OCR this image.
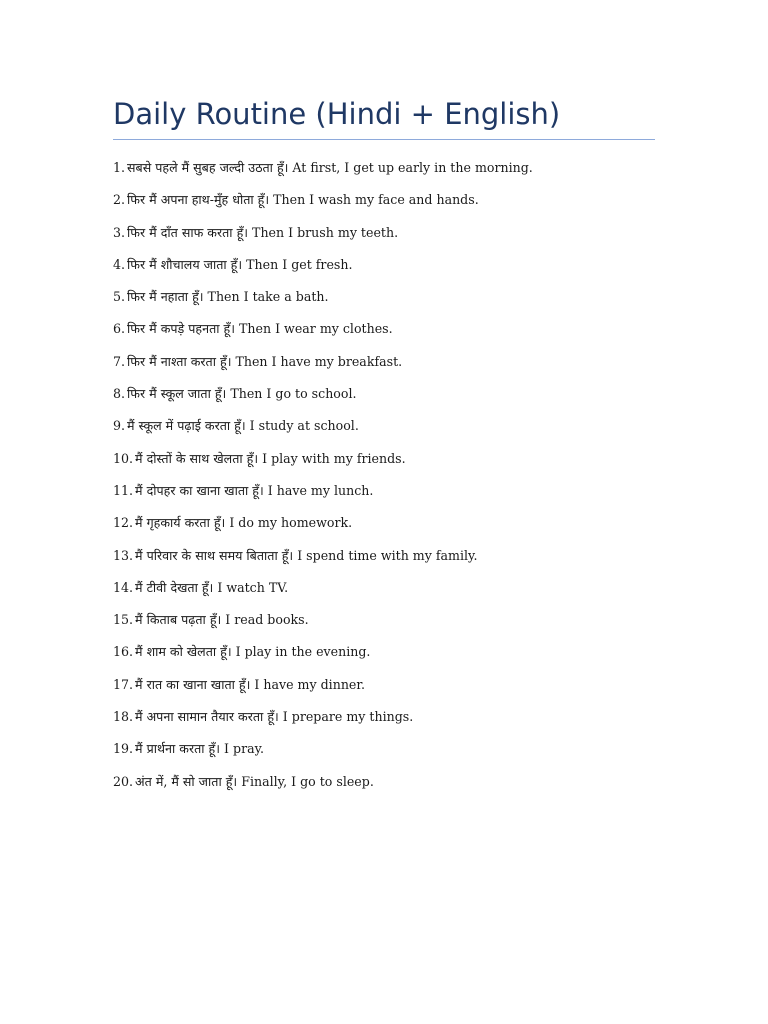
Daily Routine (Hindi + English)
1. सबसे पहले मैं सुबह जल्दी उठता हूँ। At first, I get up early in the morning.
2. फिर मैं अपना हाथ-मुँह धोता हूँ। Then I wash my face and hands.
3. फिर मैं दाँत साफ करता हूँ। Then I brush my teeth.
4. फिर मैं शौचालय जाता हूँ। Then I get fresh.
5. फिर मैं नहाता हूँ। Then I take a bath.
6. फिर मैं कपड़े पहनता हूँ। Then I wear my clothes.
7. फिर मैं नाश्ता करता हूँ। Then I have my breakfast.
8. फिर मैं स्कूल जाता हूँ। Then I go to school.
9. मैं स्कूल में पढ़ाई करता हूँ। I study at school.
10. मैं दोस्तों के साथ खेलता हूँ। I play with my friends.
11. मैं दोपहर का खाना खाता हूँ। I have my lunch.
12. मैं गृहकार्य करता हूँ। I do my homework.
13. मैं परिवार के साथ समय बिताता हूँ। I spend time with my family.
14. मैं टीवी देखता हूँ। I watch TV.
15. मैं किताब पढ़ता हूँ। I read books.
16. मैं शाम को खेलता हूँ। I play in the evening.
17. मैं रात का खाना खाता हूँ। I have my dinner.
18. मैं अपना सामान तैयार करता हूँ। I prepare my things.
19. मैं प्रार्थना करता हूँ। I pray.
20. अंत में, मैं सो जाता हूँ। Finally, I go to sleep.
